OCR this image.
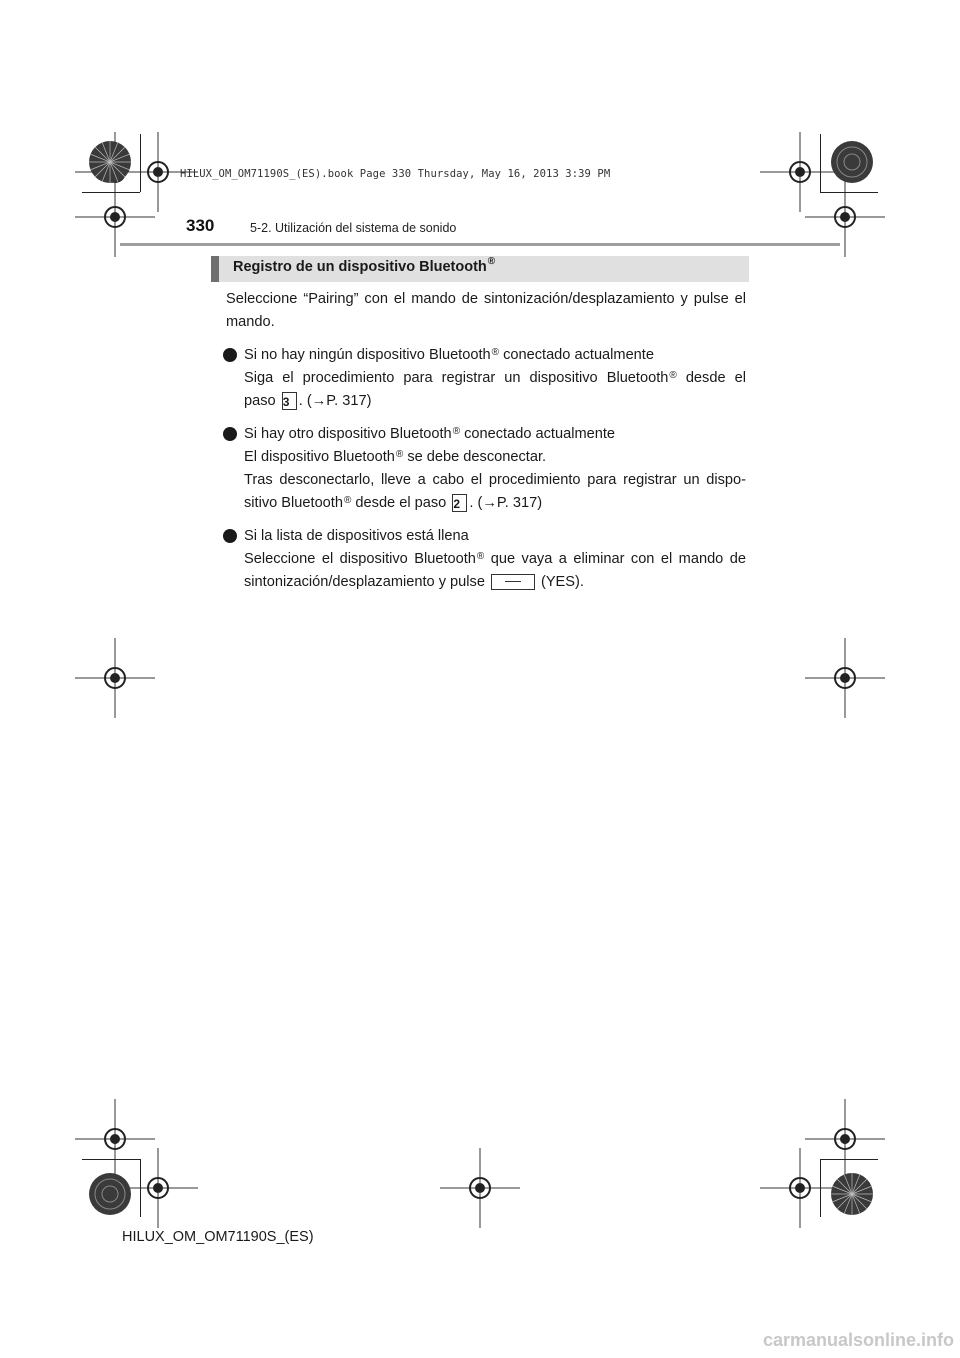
HILUX_OM_OM71190S_(ES).book Page 330 Thursday, May 16, 2013 3:39 PM
330	5-2. Utilización del sistema de sonido
Registro de un dispositivo Bluetooth®

Seleccione “Pairing” con el mando de sintonización/desplazamiento y pulse el mando.

Si no hay ningún dispositivo Bluetooth® conectado actualmente
Siga el procedimiento para registrar un dispositivo Bluetooth® desde el
paso 3 . (→P. 317)
Si hay otro dispositivo Bluetooth® conectado actualmente
El dispositivo Bluetooth® se debe desconectar.
Tras desconectarlo, lleve a cabo el procedimiento para registrar un dispo-
sitivo Bluetooth® desde el paso 2 . (→P. 317)
Si la lista de dispositivos está llena
Seleccione el dispositivo Bluetooth® que vaya a eliminar con el mando de
sintonización/desplazamiento y pulse	(YES).
HILUX_OM_OM71190S_(ES)
carmanualsonline.info
